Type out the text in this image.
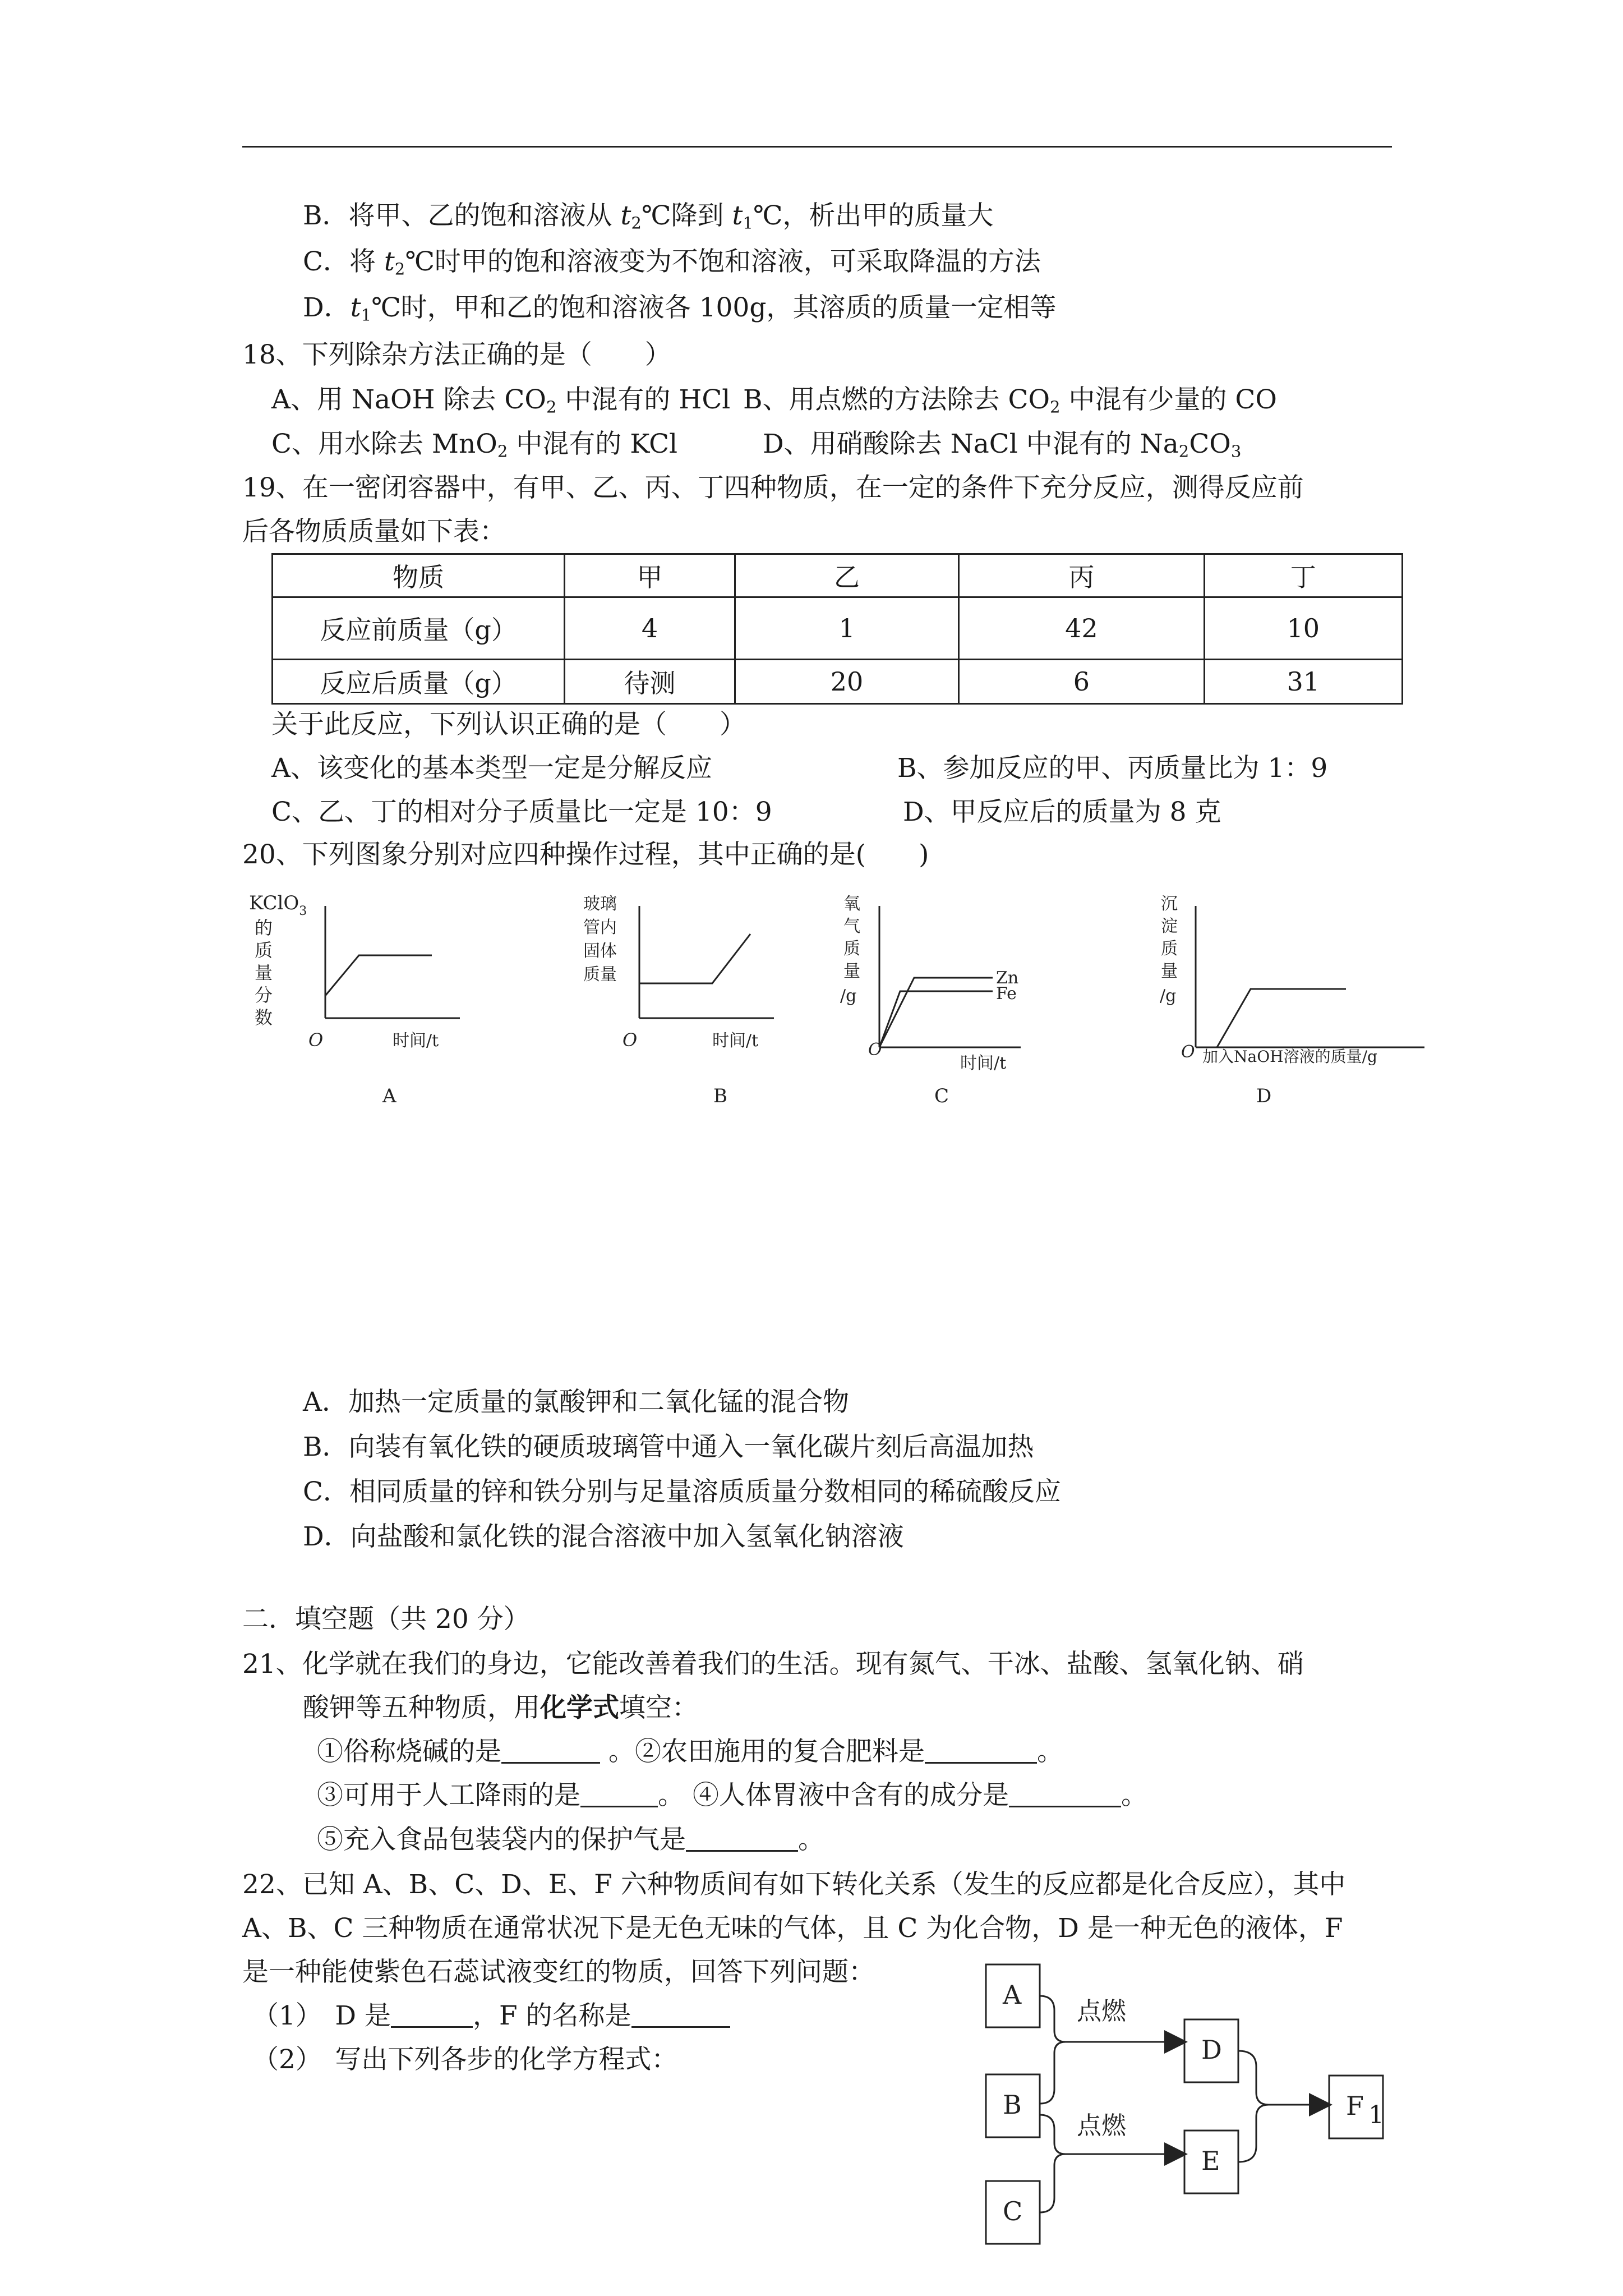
B．将甲、乙的饱和溶液从 $t_2℃$降到 $t_1℃$，析出甲的质量大
C．将 $t_2℃$时甲的饱和溶液变为不饱和溶液，可采取降温的方法
D．$t_1℃$时，甲和乙的饱和溶液各 100g，其溶质的质量一定相等
18、下列除杂方法正确的是（　　）
A、用 NaOH 除去 $CO_2$ 中混有的 HCl B、用点燃的方法除去 $CO_2$ 中混有少量的 CO
C、用水除去 MnO$_2$ 中混有的 KCl	D、用硝酸除去 NaCl 中混有的 $Na_2CO_3$
19、在一密闭容器中，有甲、乙、丙、丁四种物质，在一定的条件下充分反应，测得反应前
后各物质质量如下表：
物质	甲	乙	丙	丁
反应前质量（g）	4	1	42	10
反应后质量（g）	待测	20	6	31
关于此反应，下列认识正确的是（　　）
A、该变化的基本类型一定是分解反应	B、参加反应的甲、丙质量比为 1：9
C、乙、丁的相对分子质量比一定是 10：9	D、甲反应后的质量为 8 克
20、下列图象分别对应四种操作过程，其中正确的是(　　)
KClO$_3$
的
质
量
分
数
O	时间/t
A
玻璃
管内
固体
质量
O	时间/t
B
氧
气
质
量
/g
Zn
Fe
O
时间/t
C
沉
淀
质
量
/g
O 加入NaOH溶液的质量/g
D
A．加热一定质量的氯酸钾和二氧化锰的混合物
B．向装有氧化铁的硬质玻璃管中通入一氧化碳片刻后高温加热
C．相同质量的锌和铁分别与足量溶质质量分数相同的稀硫酸反应
D．向盐酸和氯化铁的混合溶液中加入氢氧化钠溶液
二．填空题（共 20 分）
21、化学就在我们的身边，它能改善着我们的生活。现有氮气、干冰、盐酸、氢氧化钠、硝
酸钾等五种物质，用化学式填空：
①俗称烧碱的是	。②农田施用的复合肥料是	。
③可用于人工降雨的是	。 ④人体胃液中含有的成分是	。
⑤充入食品包装袋内的保护气是	。
22、已知 A、B、C、D、E、F 六种物质间有如下转化关系（发生的反应都是化合反应），其中
A、B、C 三种物质在通常状况下是无色无味的气体，且 C 为化合物，D 是一种无色的液体，F
是一种能使紫色石蕊试液变红的物质，回答下列问题：
（1）　D 是	，F 的名称是
（2）　写出下列各步的化学方程式：
A
B
C
D
E
F
点燃
点燃	1
